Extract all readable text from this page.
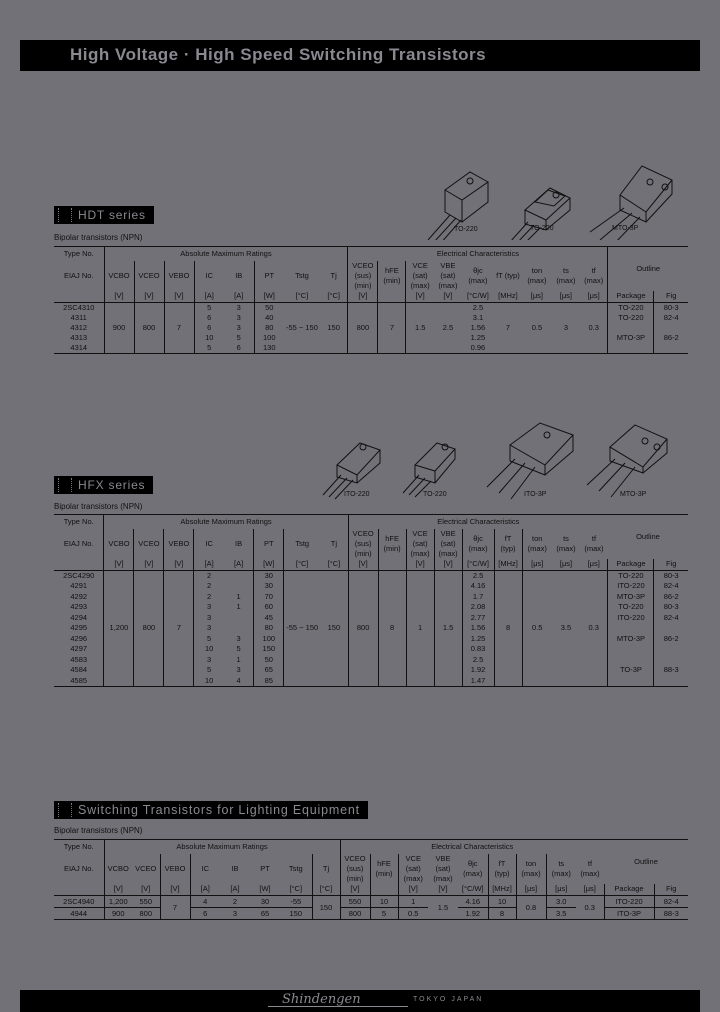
High Voltage · High Speed Switching Transistors
TO-220	TO-220	MTO-3P
HDT series
Bipolar transistors (NPN)
Type No.	Absolute Maximum Ratings								Electrical Characteristics									Outline	
EIAJ No.	VCBO	VCEO	VEBO	IC	IB	PT	Tstg	Tj	VCEO (sus) (min)	hFE (min)	VCE (sat) (max)	VBE (sat) (max)	θjc (max)	fT (typ)	ton (max)	ts (max)	tf (max)		
	[V]	[V]	[V]	[A]	[A]	[W]	[°C]	[°C]	[V]		[V]	[V]	[°C/W]	[MHz]	[μs]	[μs]	[μs]	Package	Fig
2SC4310	900	800	7	5	3	50	-55 ~ 150	150	800	7	1.5	2.5	2.5	7	0.5	3	0.3	TO-220	80-3
4311				6	3	40							3.1					TO-220	82-4
4312				6	3	80							1.56					MTO-3P	86-2
4313				10	5	100							1.25						
4314				5	6	130							0.96						
ITO-220	TO-220	ITO-3P	MTO-3P
HFX series
Bipolar transistors (NPN)
Type No.	Absolute Maximum Ratings								Electrical Characteristics									Outline	
EIAJ No.	VCBO	VCEO	VEBO	IC	IB	PT	Tstg	Tj	VCEO (sus) (min)	hFE (min)	VCE (sat) (max)	VBE (sat) (max)	θjc (max)	fT (typ)	ton (max)	ts (max)	tf (max)		
	[V]	[V]	[V]	[A]	[A]	[W]	[°C]	[°C]	[V]		[V]	[V]	[°C/W]	[MHz]	[μs]	[μs]	[μs]	Package	Fig
2SC4290	1,200	800	7	2		30	-55 ~ 150	150	800	8	1	1.5	2.5	8	0.5	3.5	0.3	TO-220	80-3
4291				2		30							4.16					ITO-220	82-4
4292				2	1	70							1.7					MTO-3P	86-2
4293				3	1	60							2.08					TO-220	80-3
4294				3		45							2.77					ITO-220	82-4
4295				3		80							1.56					MTO-3P	86-2
4296				5	3	100							1.25						
4297				10	5	150							0.83						
4583				3	1	50							2.5					TO-3P	88-3
4584				5	3	65							1.92						
4585				10	4	85							1.47						
Switching Transistors for Lighting Equipment
Bipolar transistors (NPN)
Type No.	Absolute Maximum Ratings								Electrical Characteristics									Outline	
EIAJ No.	VCBO	VCEO	VEBO	IC	IB	PT	Tstg	Tj	VCEO (sus) (min)	hFE (min)	VCE (sat) (max)	VBE (sat) (max)	θjc (max)	fT (typ)	ton (max)	ts (max)	tf (max)		
	[V]	[V]	[V]	[A]	[A]	[W]	[°C]	[°C]	[V]		[V]	[V]	[°C/W]	[MHz]	[μs]	[μs]	[μs]	Package	Fig
2SC4940	1,200	550	7	4	2	30	-55	150	550	10	1	1.5	4.16	10	0.8	3.0	0.3	ITO-220	82-4
4944	900	800		6	3	65	150		800	5	0.5		1.92	8		3.5		ITO-3P	88-3
Shindengen	TOKYO JAPAN
